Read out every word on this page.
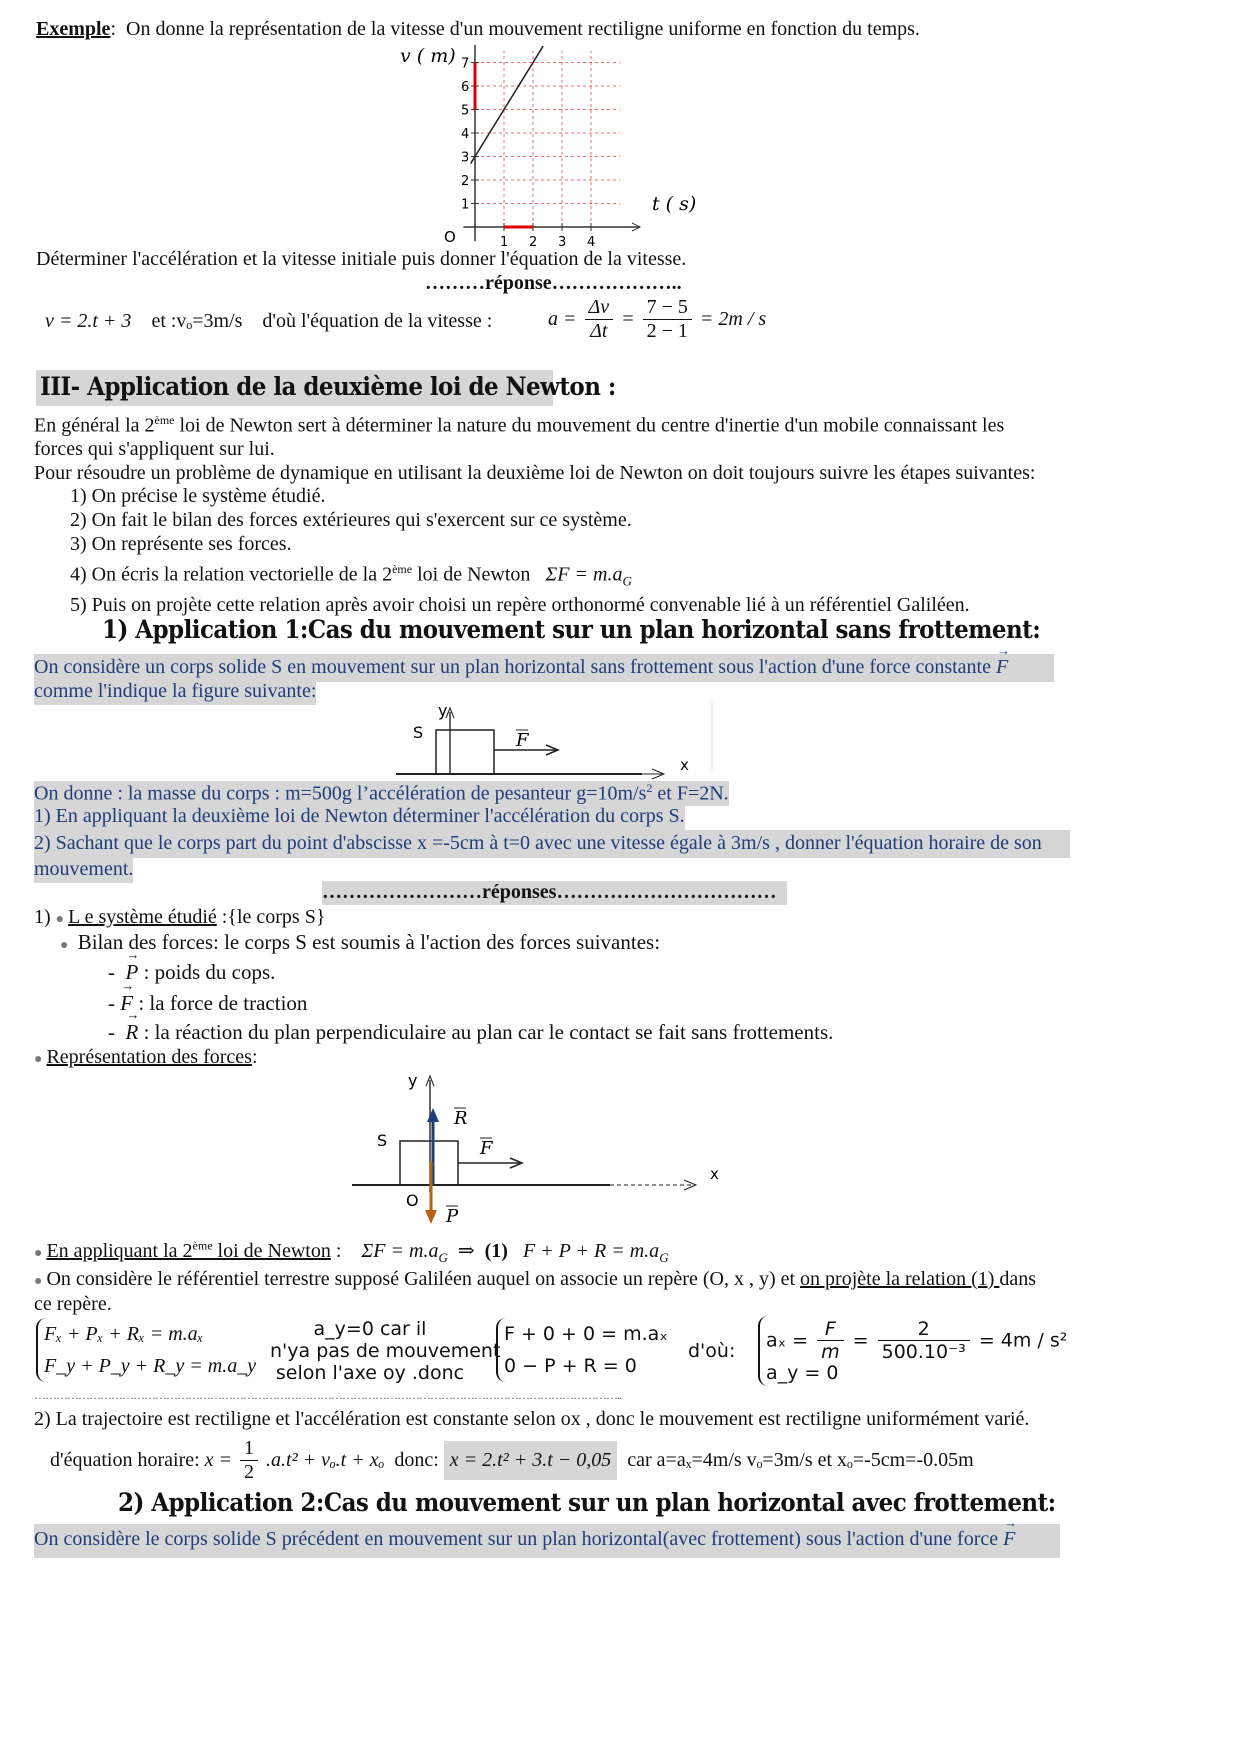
Exemple: On donne la représentation de la vitesse d'un mouvement rectiligne uniforme en fonction du temps.
v ( m)
t ( s)
O
1
2
3
4
5
6
7
1 2 3 4
Déterminer l'accélération et la vitesse initiale puis donner l'équation de la vitesse.
………réponse………………..
v = 2.t + 3 et :vₒ=3m/s d'où l'équation de la vitesse :	$a = \frac{\Delta v}{\Delta t} = \frac{7 - 5}{2 - 1} = 2m / s$
III- Application de la deuxième loi de Newton :
En général la 2ème loi de Newton sert à déterminer la nature du mouvement du centre d'inertie d'un mobile connaissant les
forces qui s'appliquent sur lui.
Pour résoudre un problème de dynamique en utilisant la deuxième loi de Newton on doit toujours suivre les étapes suivantes:
1) On précise le système étudié.
2) On fait le bilan des forces extérieures qui s'exercent sur ce système.
3) On représente ses forces.
4) On écris la relation vectorielle de la 2ème loi de Newton $\Sigma F = m.a_G$
5) Puis on projète cette relation après avoir choisi un repère orthonormé convenable lié à un référentiel Galiléen.
1) Application 1:Cas du mouvement sur un plan horizontal sans frottement:
On considère un corps solide S en mouvement sur un plan horizontal sans frottement sous l'action d'une force constante → F
comme l'indique la figure suivante:
y
S
x
F
On donne : la masse du corps : m=500g l’accélération de pesanteur $g=10m/s^2$ et F=2N.
1) En appliquant la deuxième loi de Newton déterminer l'accélération du corps S.
2) Sachant que le corps part du point d'abscisse x =-5cm à t=0 avec une vitesse égale à 3m/s , donner l'équation horaire de son
mouvement.
……………………réponses……………………………
1) ● L e système étudié :{le corps S}
● Bilan des forces: le corps S est soumis à l'action des forces suivantes:
-  → P : poids du cops.
- → F : la force de traction
-  → R : la réaction du plan perpendiculaire au plan car le contact se fait sans frottements.
● Représentation des forces:
y
S
x
R
F
P
O
● En appliquant la 2ème loi de Newton : $\Sigma F = m.a_G$ ⇒ (1) $F + P + R = m.a_G$
● On considère le référentiel terrestre supposé Galiléen auquel on associe un repère (O, x , y) et on projète la relation (1) dans
ce repère.
Fₓ + Pₓ + Rₓ = m.aₓ
F_y + P_y + R_y = m.a_y
a_y=0 car il
n'ya pas de mouvement
selon l'axe oy .donc
F + 0 + 0 = m.aₓ
0 − P + R = 0
d'où: $a_x = \frac{F}{m} = \frac{2}{\text{500.10⁻³}} = 4m / s^2$
a_y = 0
……………………………………………………………………………………………………………………………………………..
2) La trajectoire est rectiligne et l'accélération est constante selon ox , donc le mouvement est rectiligne uniformément varié.
d'équation horaire: $x = \frac{1}{2} .a.t^2 + v_o.t + x_o$ donc: x = 2.t² + 3.t − 0,05 car a=aₓ=4m/s vₒ=3m/s et xₒ=-5cm=-0.05m
2) Application 2:Cas du mouvement sur un plan horizontal avec frottement:
On considère le corps solide S précédent en mouvement sur un plan horizontal(avec frottement) sous l'action d'une force → F
